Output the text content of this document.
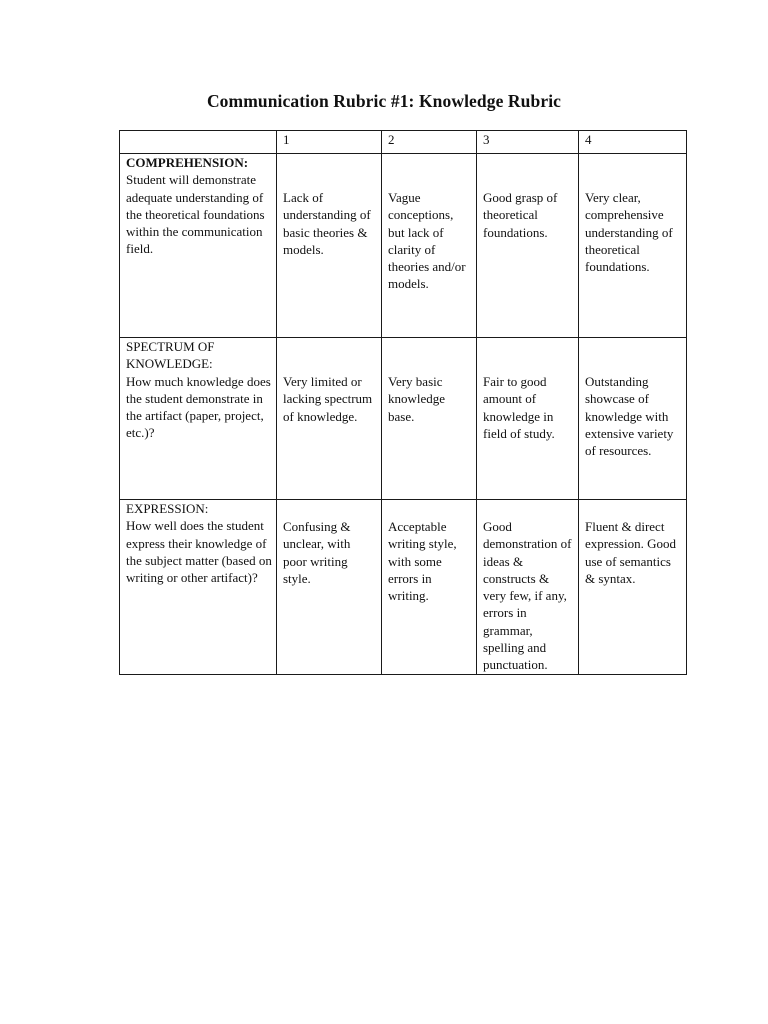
Communication Rubric #1: Knowledge Rubric
	1	2	3	4

COMPREHENSION:
Student will demonstrate adequate understanding of the theoretical foundations within the communication field.	Lack of understanding of basic theories & models.	Vague conceptions, but lack of clarity of theories and/or models.	Good grasp of theoretical foundations.	Very clear, comprehensive understanding of theoretical foundations.

SPECTRUM OF KNOWLEDGE:
How much knowledge does the student demonstrate in the artifact (paper, project, etc.)?	Very limited or lacking spectrum of knowledge.	Very basic knowledge base.	Fair to good amount of knowledge in field of study.	Outstanding showcase of knowledge with extensive variety of resources.

EXPRESSION:
How well does the student express their knowledge of the subject matter (based on writing or other artifact)?	Confusing & unclear, with poor writing style.	Acceptable writing style, with some errors in writing.	Good demonstration of ideas & constructs & very few, if any, errors in grammar, spelling and punctuation.	Fluent & direct expression. Good use of semantics & syntax.
